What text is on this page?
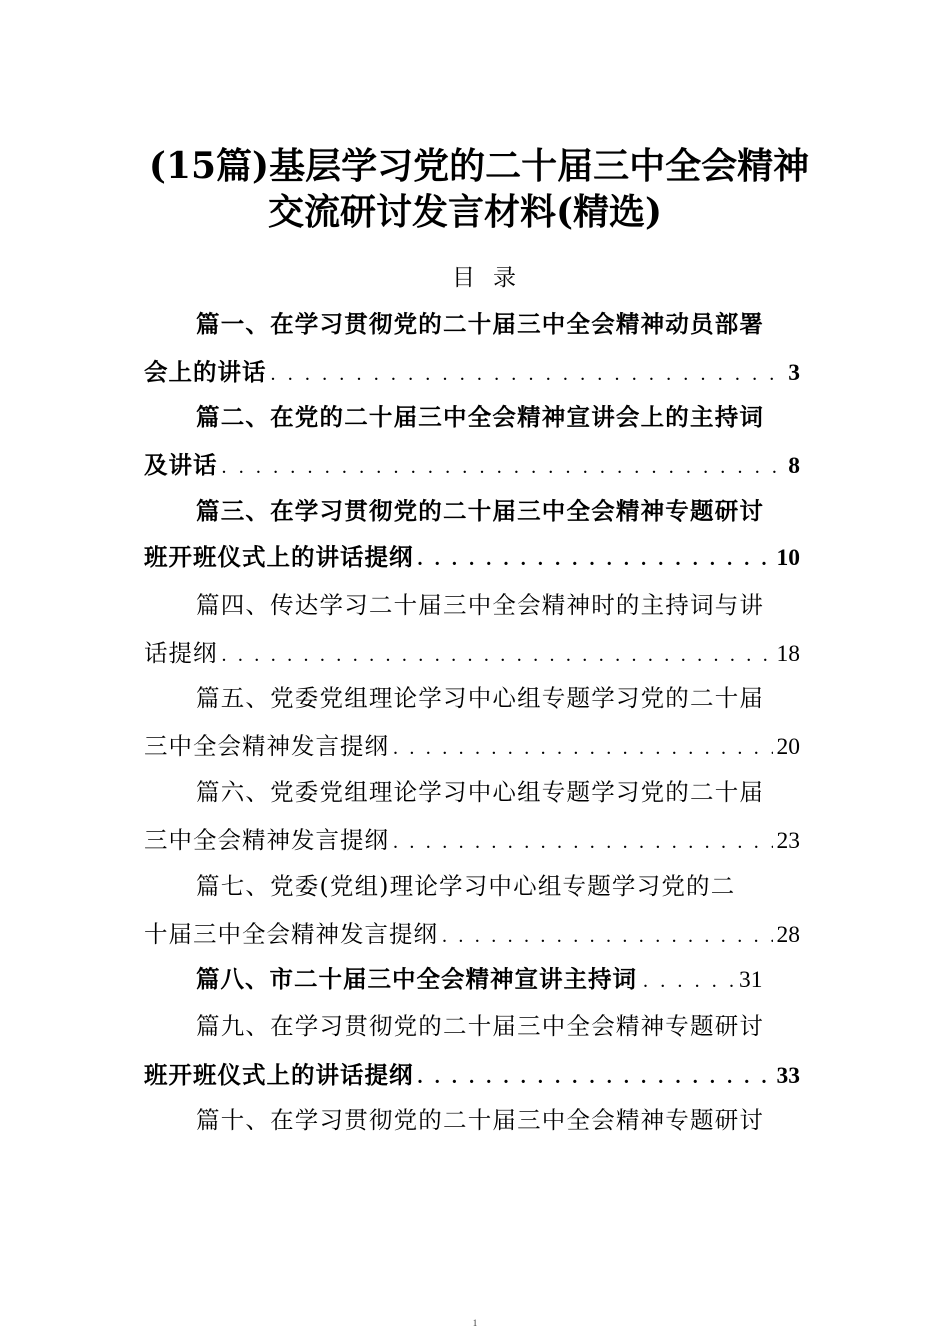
(15篇)基层学习党的二十届三中全会精神
交流研讨发言材料(精选)
目录
篇一、在学习贯彻党的二十届三中全会精神动员部署
会上的讲话 . . .	3
篇二、在党的二十届三中全会精神宣讲会上的主持词
及讲话 . . .	8
篇三、在学习贯彻党的二十届三中全会精神专题研讨
班开班仪式上的讲话提纲 . . .	10
篇四、传达学习二十届三中全会精神时的主持词与讲
话提纲 . . .	18
篇五、党委党组理论学习中心组专题学习党的二十届
三中全会精神发言提纲 . . .	20
篇六、党委党组理论学习中心组专题学习党的二十届
三中全会精神发言提纲 . . .	23
篇七、党委(党组)理论学习中心组专题学习党的二
十届三中全会精神发言提纲 . . .	28
篇八、市二十届三中全会精神宣讲主持词 . . .	31
篇九、在学习贯彻党的二十届三中全会精神专题研讨
班开班仪式上的讲话提纲 . . .	33
篇十、在学习贯彻党的二十届三中全会精神专题研讨
1
